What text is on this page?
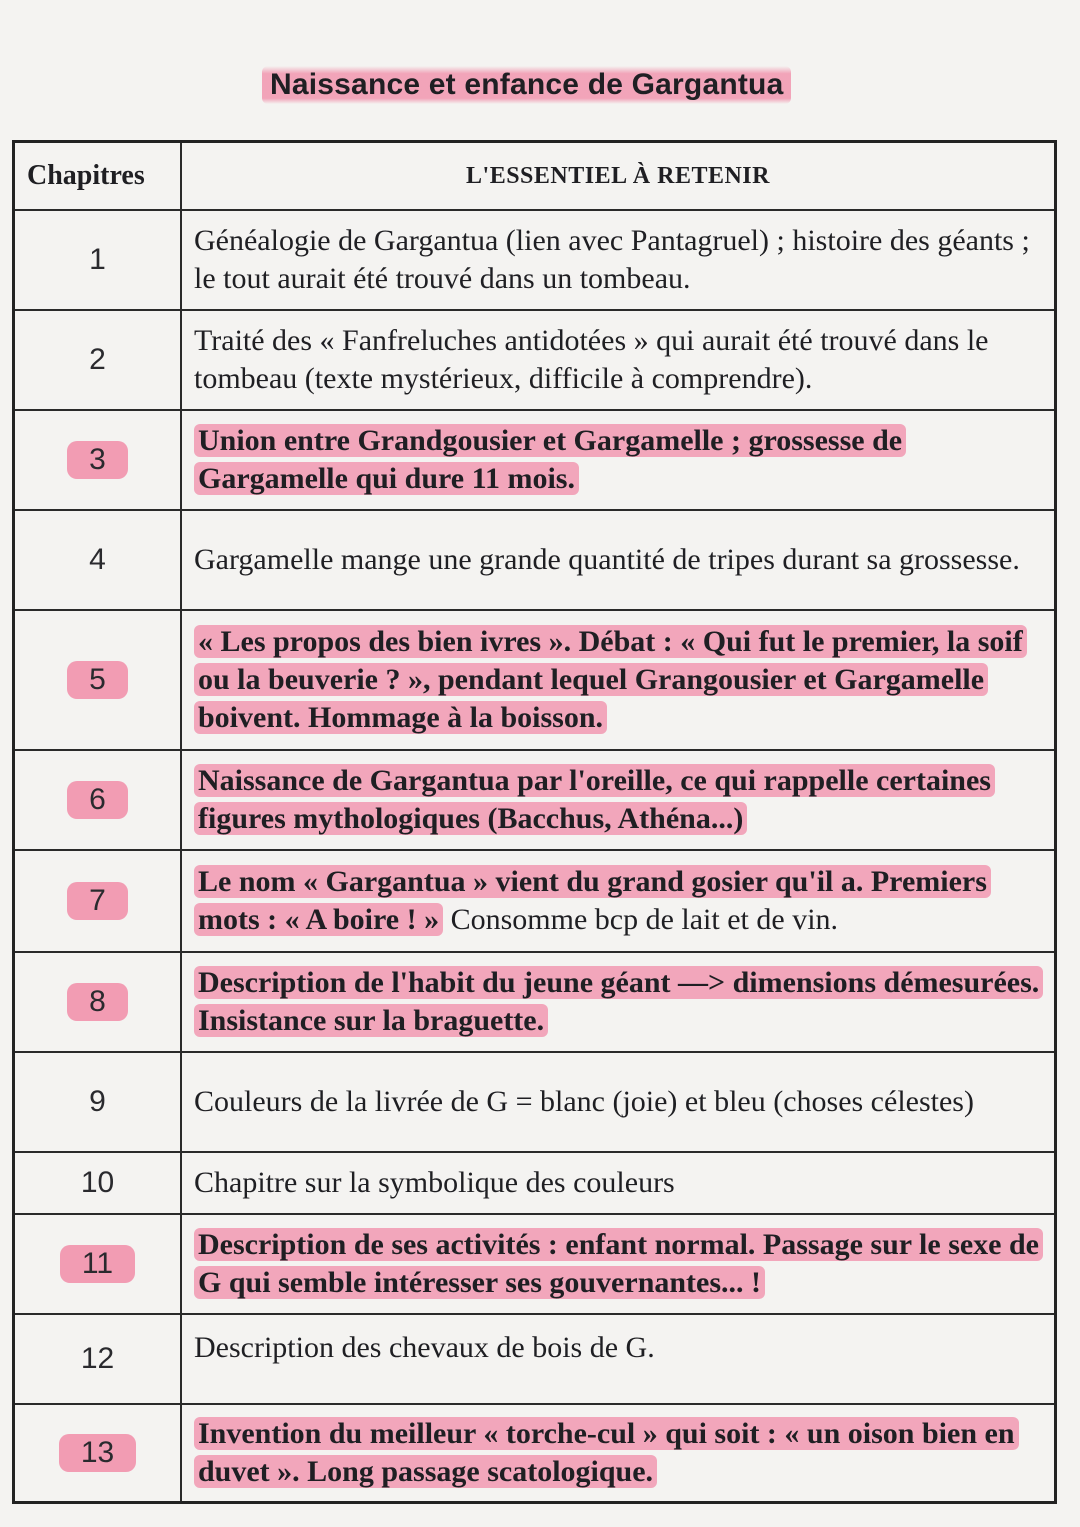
Naissance et enfance de Gargantua
Chapitres	L'ESSENTIEL À RETENIR
1	Généalogie de Gargantua (lien avec Pantagruel) ; histoire des géants ; le tout aurait été trouvé dans un tombeau.
2	Traité des « Fanfreluches antidotées » qui aurait été trouvé dans le tombeau (texte mystérieux, difficile à comprendre).
3	Union entre Grandgousier et Gargamelle ; grossesse de Gargamelle qui dure 11 mois.
4	Gargamelle mange une grande quantité de tripes durant sa grossesse.
5	« Les propos des bien ivres ». Débat : « Qui fut le premier, la soif ou la beuverie ? », pendant lequel Grangousier et Gargamelle boivent. Hommage à la boisson.
6	Naissance de Gargantua par l'oreille, ce qui rappelle certaines figures mythologiques (Bacchus, Athéna...)
7	Le nom « Gargantua » vient du grand gosier qu'il a. Premiers mots : « A boire ! » Consomme bcp de lait et de vin.
8	Description de l'habit du jeune géant —> dimensions démesurées. Insistance sur la braguette.
9	Couleurs de la livrée de G = blanc (joie) et bleu (choses célestes)
10	Chapitre sur la symbolique des couleurs
11	Description de ses activités : enfant normal. Passage sur le sexe de G qui semble intéresser ses gouvernantes... !
12	Description des chevaux de bois de G.
13	Invention du meilleur « torche-cul » qui soit : « un oison bien en duvet ». Long passage scatologique.
